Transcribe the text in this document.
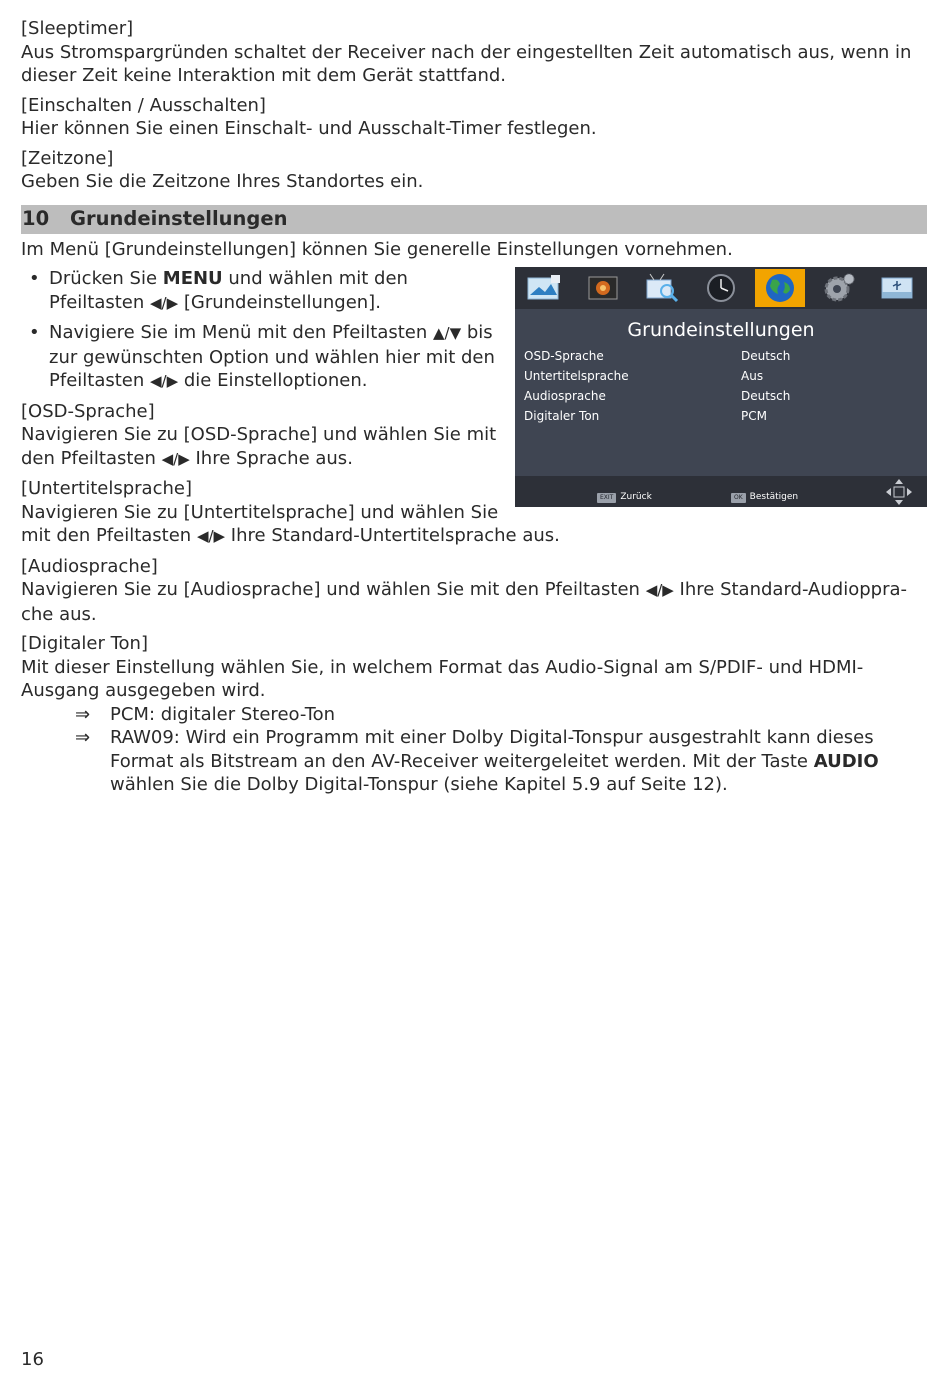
[Sleeptimer]
Aus Stromspargründen schaltet der Receiver nach der eingestellten Zeit automatisch aus, wenn in dieser Zeit keine Interaktion mit dem Gerät stattfand.

[Einschalten / Ausschalten]
Hier können Sie einen Einschalt- und Ausschalt-Timer festlegen.

[Zeitzone]
Geben Sie die Zeitzone Ihres Standortes ein.

10	Grundeinstellungen

Im Menü [Grundeinstellungen] können Sie generelle Einstellungen vornehmen.

Grundeinstellungen
OSD-Sprache	Deutsch
Untertitelsprache	Aus
Audiosprache	Deutsch
Digitaler Ton	PCM
EXIT Zurück	OK Bestätigen
• Drücken Sie MENU und wählen mit den Pfeiltasten ◀/▶ [Grundeinstellungen].
• Navigiere Sie im Menü mit den Pfeiltasten ▲/▼ bis zur gewünschten Option und wählen hier mit den Pfeiltasten ◀/▶ die Einstelloptionen.

[OSD-Sprache]
Navigieren Sie zu [OSD-Sprache] und wählen Sie mit den Pfeiltasten ◀/▶ Ihre Sprache aus.

[Untertitelsprache]
Navigieren Sie zu [Untertitelsprache] und wählen Sie mit den Pfeiltasten ◀/▶ Ihre Standard-Untertitelsprache aus.

[Audiosprache]
Navigieren Sie zu [Audiosprache] und wählen Sie mit den Pfeiltasten ◀/▶ Ihre Standard-Audioppra-che aus.

[Digitaler Ton]
Mit dieser Einstellung wählen Sie, in welchem Format das Audio-Signal am S/PDIF- und HDMI-Ausgang ausgegeben wird.

⇒ PCM: digitaler Stereo-Ton
⇒ RAW09: Wird ein Programm mit einer Dolby Digital-Tonspur ausgestrahlt kann dieses Format als Bitstream an den AV-Receiver weitergeleitet werden. Mit der Taste AUDIO wählen Sie die Dolby Digital-Tonspur (siehe Kapitel 5.9 auf Seite 12).
16
